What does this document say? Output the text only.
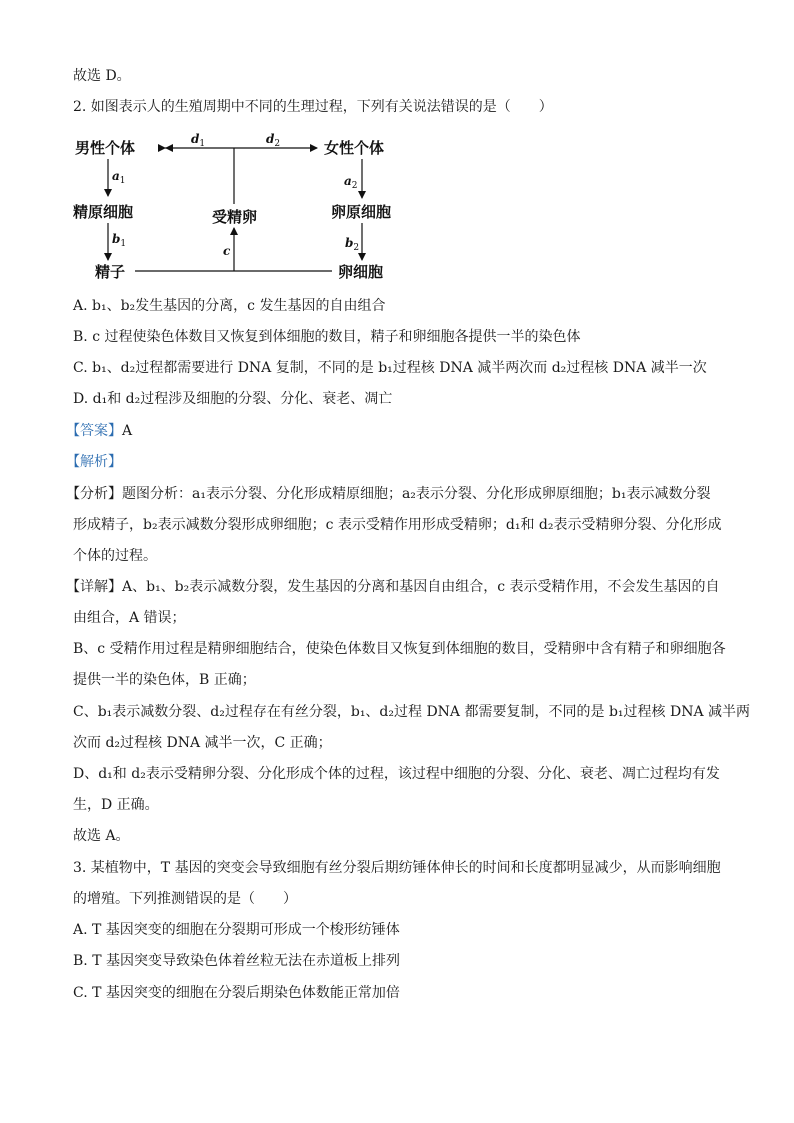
故选 D。
2. 如图表示人的生殖周期中不同的生理过程，下列有关说法错误的是（　　）
男性个体	女性个体
精原细胞	卵原细胞
受精卵
精子	卵细胞
$d_1$	$d_2$
$a_1$	$a_2$
$b_1$	$b_2$
c
A. b₁、b₂发生基因的分离，c 发生基因的自由组合
B. c 过程使染色体数目又恢复到体细胞的数目，精子和卵细胞各提供一半的染色体
C. b₁、d₂过程都需要进行 DNA 复制，不同的是 b₁过程核 DNA 减半两次而 d₂过程核 DNA 减半一次
D. d₁和 d₂过程涉及细胞的分裂、分化、衰老、凋亡
【答案】A
【解析】
【分析】题图分析：a₁表示分裂、分化形成精原细胞；a₂表示分裂、分化形成卵原细胞；b₁表示减数分裂
形成精子，b₂表示减数分裂形成卵细胞；c 表示受精作用形成受精卵；d₁和 d₂表示受精卵分裂、分化形成
个体的过程。
【详解】A、b₁、b₂表示减数分裂，发生基因的分离和基因自由组合，c 表示受精作用，不会发生基因的自
由组合，A 错误；
B、c 受精作用过程是精卵细胞结合，使染色体数目又恢复到体细胞的数目，受精卵中含有精子和卵细胞各
提供一半的染色体，B 正确；
C、b₁表示减数分裂、d₂过程存在有丝分裂，b₁、d₂过程 DNA 都需要复制，不同的是 b₁过程核 DNA 减半两
次而 d₂过程核 DNA 减半一次，C 正确；
D、d₁和 d₂表示受精卵分裂、分化形成个体的过程，该过程中细胞的分裂、分化、衰老、凋亡过程均有发
生，D 正确。
故选 A。
3. 某植物中，T 基因的突变会导致细胞有丝分裂后期纺锤体伸长的时间和长度都明显减少，从而影响细胞
的增殖。下列推测错误的是（　　）
A. T 基因突变的细胞在分裂期可形成一个梭形纺锤体
B. T 基因突变导致染色体着丝粒无法在赤道板上排列
C. T 基因突变的细胞在分裂后期染色体数能正常加倍
